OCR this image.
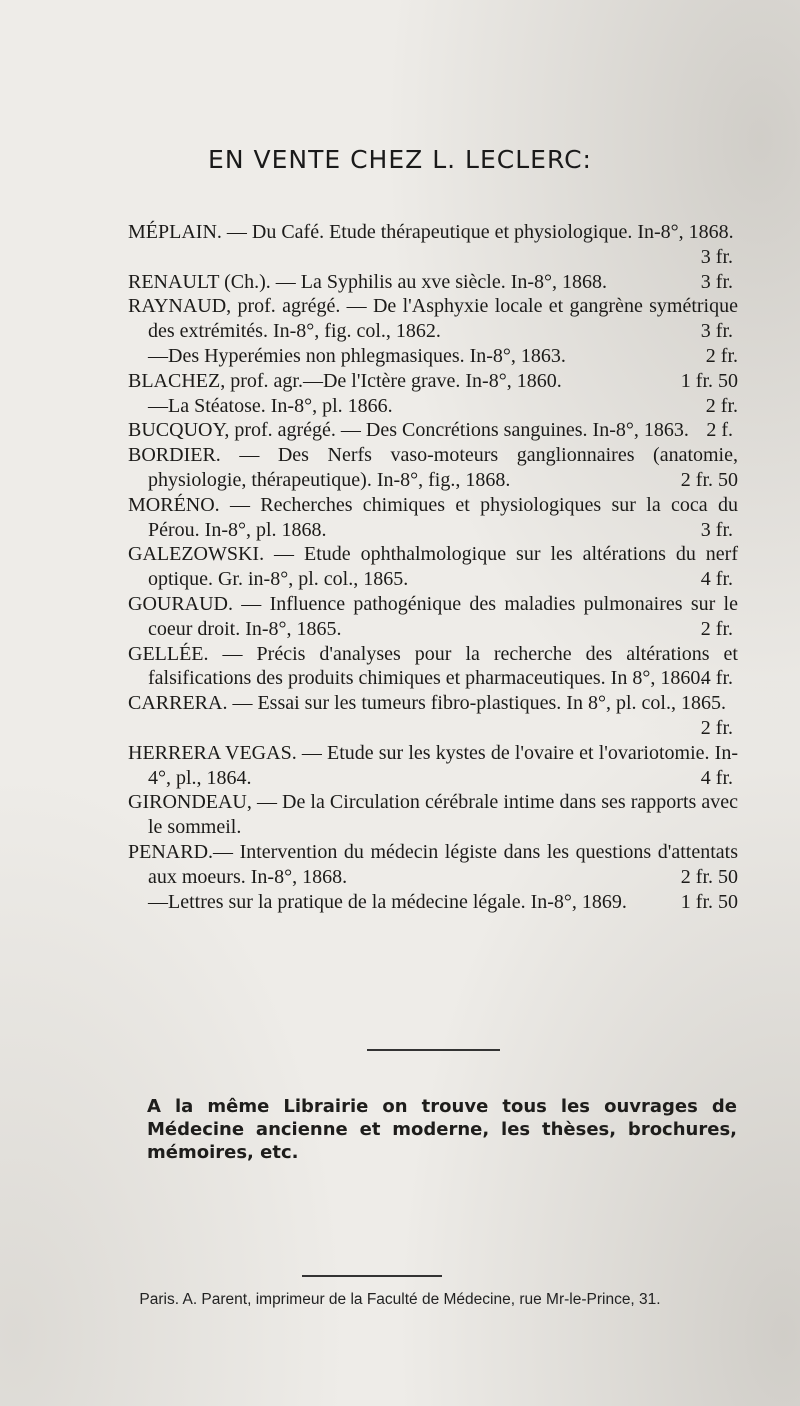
EN VENTE CHEZ L. LECLERC:
MÉPLAIN. — Du Café. Etude thérapeutique et physiologique. In-8°, 1868.
3 fr.
RENAULT (Ch.). — La Syphilis au xve siècle. In-8°, 1868.	3 fr.
RAYNAUD, prof. agrégé. — De l'Asphyxie locale et gangrène symétrique des extrémités. In-8°, fig. col., 1862.	3 fr.
—Des Hyperémies non phlegmasiques. In-8°, 1863.	2 fr.
BLACHEZ, prof. agr.—De l'Ictère grave. In-8°, 1860.	1 fr. 50
—La Stéatose. In-8°, pl. 1866.	2 fr.
BUCQUOY, prof. agrégé. — Des Concrétions sanguines. In-8°, 1863. 2 f.
BORDIER. — Des Nerfs vaso-moteurs ganglionnaires (anatomie, physiologie, thérapeutique). In-8°, fig., 1868.	2 fr. 50
MORÉNO. — Recherches chimiques et physiologiques sur la coca du Pérou. In-8°, pl. 1868.	3 fr.
GALEZOWSKI. — Etude ophthalmologique sur les altérations du nerf optique. Gr. in-8°, pl. col., 1865.	4 fr.
GOURAUD. — Influence pathogénique des maladies pulmonaires sur le coeur droit. In-8°, 1865.	2 fr.
GELLÉE. — Précis d'analyses pour la recherche des altérations et falsifications des produits chimiques et pharmaceutiques. In 8°, 1860.
4 fr.
CARRERA. — Essai sur les tumeurs fibro-plastiques. In 8°, pl. col., 1865.
2 fr.
HERRERA VEGAS. — Etude sur les kystes de l'ovaire et l'ovariotomie. In-4°, pl., 1864.	4 fr.
GIRONDEAU, — De la Circulation cérébrale intime dans ses rapports avec le sommeil.
PENARD.— Intervention du médecin légiste dans les questions d'attentats aux moeurs. In-8°, 1868.	2 fr. 50
—Lettres sur la pratique de la médecine légale. In-8°, 1869.	1 fr. 50
A la même Librairie on trouve tous les ouvrages de Médecine ancienne et moderne, les thèses, brochures, mémoires, etc.
Paris. A. Parent, imprimeur de la Faculté de Médecine, rue Mr-le-Prince, 31.
